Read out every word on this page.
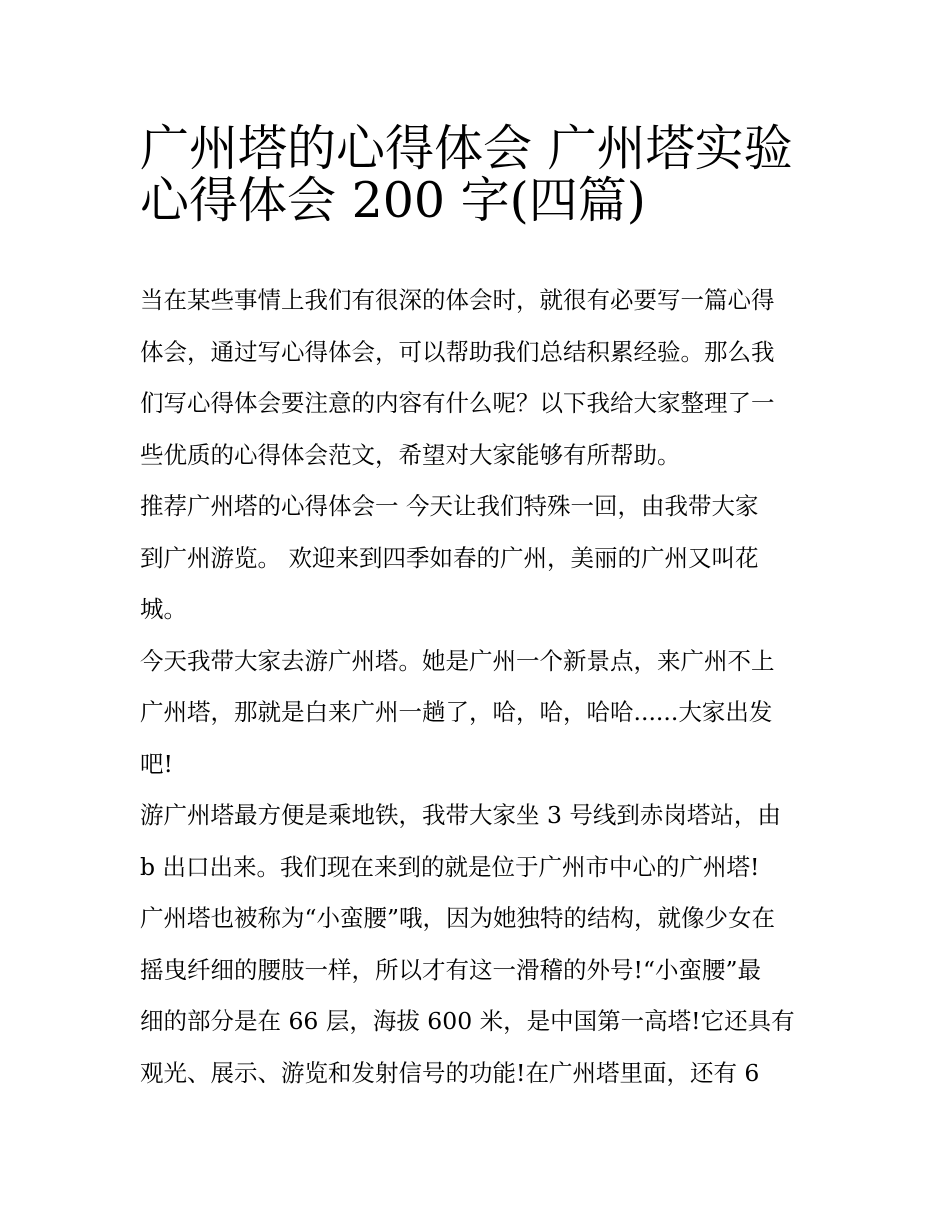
广州塔的心得体会 广州塔实验
心得体会 200 字(四篇)

当在某些事情上我们有很深的体会时，就很有必要写一篇心得
体会，通过写心得体会，可以帮助我们总结积累经验。那么我
们写心得体会要注意的内容有什么呢？以下我给大家整理了一
些优质的心得体会范文，希望对大家能够有所帮助。

推荐广州塔的心得体会一 今天让我们特殊一回，由我带大家
到广州游览。 欢迎来到四季如春的广州，美丽的广州又叫花
城。

今天我带大家去游广州塔。她是广州一个新景点，来广州不上
广州塔，那就是白来广州一趟了，哈，哈，哈哈......大家出发
吧!

游广州塔最方便是乘地铁，我带大家坐 3 号线到赤岗塔站，由
b 出口出来。我们现在来到的就是位于广州市中心的广州塔!
广州塔也被称为“小蛮腰”哦，因为她独特的结构，就像少女在
摇曳纤细的腰肢一样，所以才有这一滑稽的外号!“小蛮腰”最
细的部分是在 66 层，海拔 600 米，是中国第一高塔!它还具有
观光、展示、游览和发射信号的功能!在广州塔里面，还有 6
